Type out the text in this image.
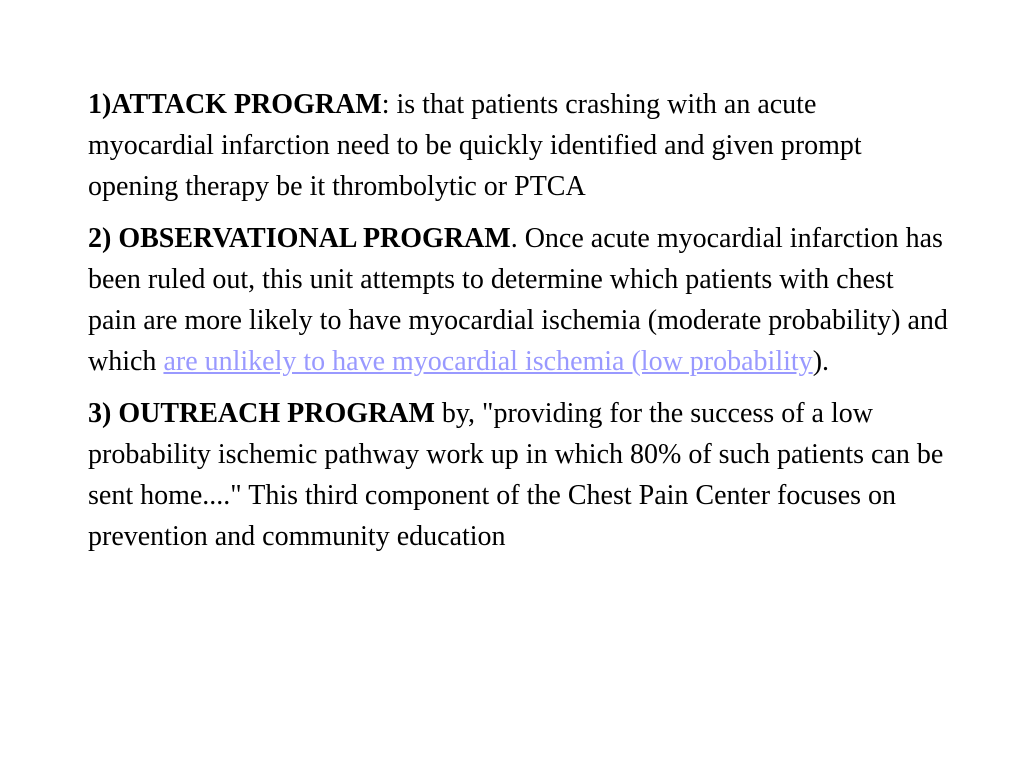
1)ATTACK PROGRAM: is that patients crashing with an acute myocardial infarction need to be quickly identified and given prompt opening therapy be it thrombolytic or PTCA

2) OBSERVATIONAL PROGRAM. Once acute myocardial infarction has been ruled out, this unit attempts to determine which patients with chest pain are more likely to have myocardial ischemia (moderate probability) and which are unlikely to have myocardial ischemia (low probability).

3) OUTREACH PROGRAM by, "providing for the success of a low probability ischemic pathway work up in which 80% of such patients can be sent home...." This third component of the Chest Pain Center focuses on prevention and community education
